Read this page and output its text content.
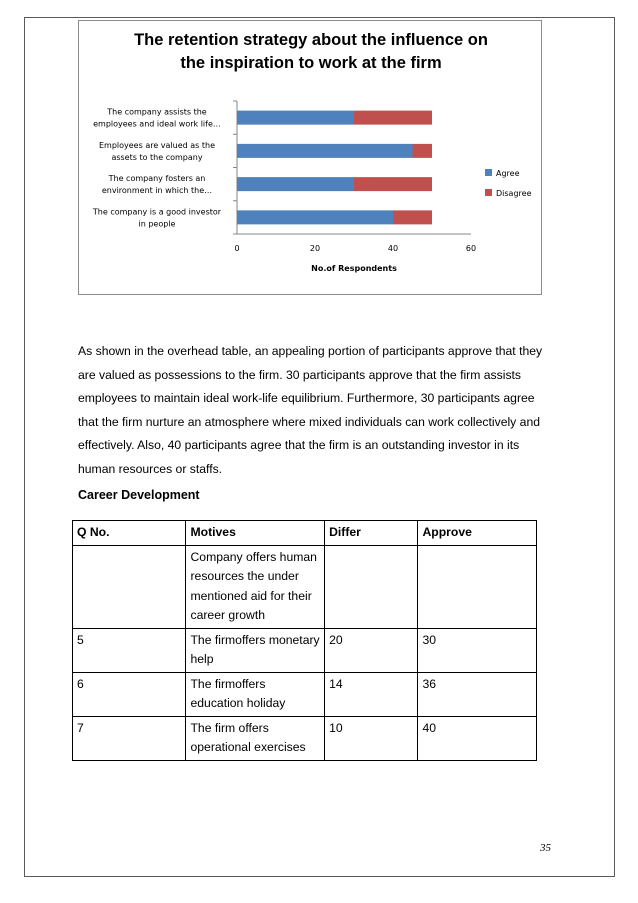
The retention strategy about the influence on
the inspiration to work at the firm
0	20	40	60
No.of Respondents
The company assists the employees and ideal work life…
Employees are valued as the assets to the company
The company fosters an environment in which the…
The company is a good investor in people
Agree
Disagree

As shown in the overhead table, an appealing portion of participants approve that they are valued as possessions to the firm. 30 participants approve that the firm assists employees to maintain ideal work-life equilibrium. Furthermore, 30 participants agree that the firm nurture an atmosphere where mixed individuals can work collectively and effectively. Also, 40 participants agree that the firm is an outstanding investor in its human resources or staffs.

Career Development

Q No.	Motives	Differ	Approve
	Company offers human resources the under mentioned aid for their career growth		
5	The firmoffers monetary help	20	30
6	The firmoffers education holiday	14	36
7	The firm offers operational exercises	10	40
35
